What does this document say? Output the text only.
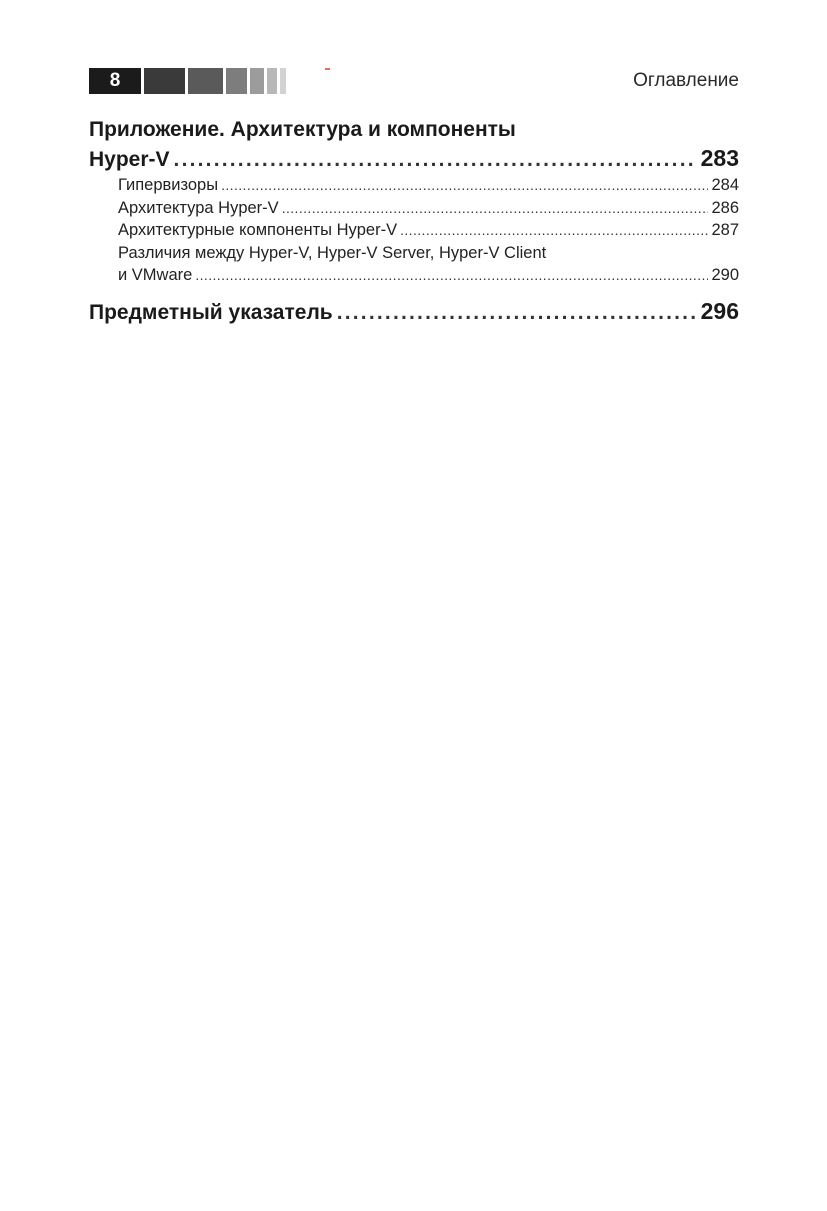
8	Оглавление
Приложение. Архитектура и компоненты
Hyper-V .....	283
Гипервизоры .....	284
Архитектура Hyper-V .....	286
Архитектурные компоненты Hyper-V .....	287
Различия между Hyper-V, Hyper-V Server, Hyper-V Client
и VMware .....	290
Предметный указатель .....	296
